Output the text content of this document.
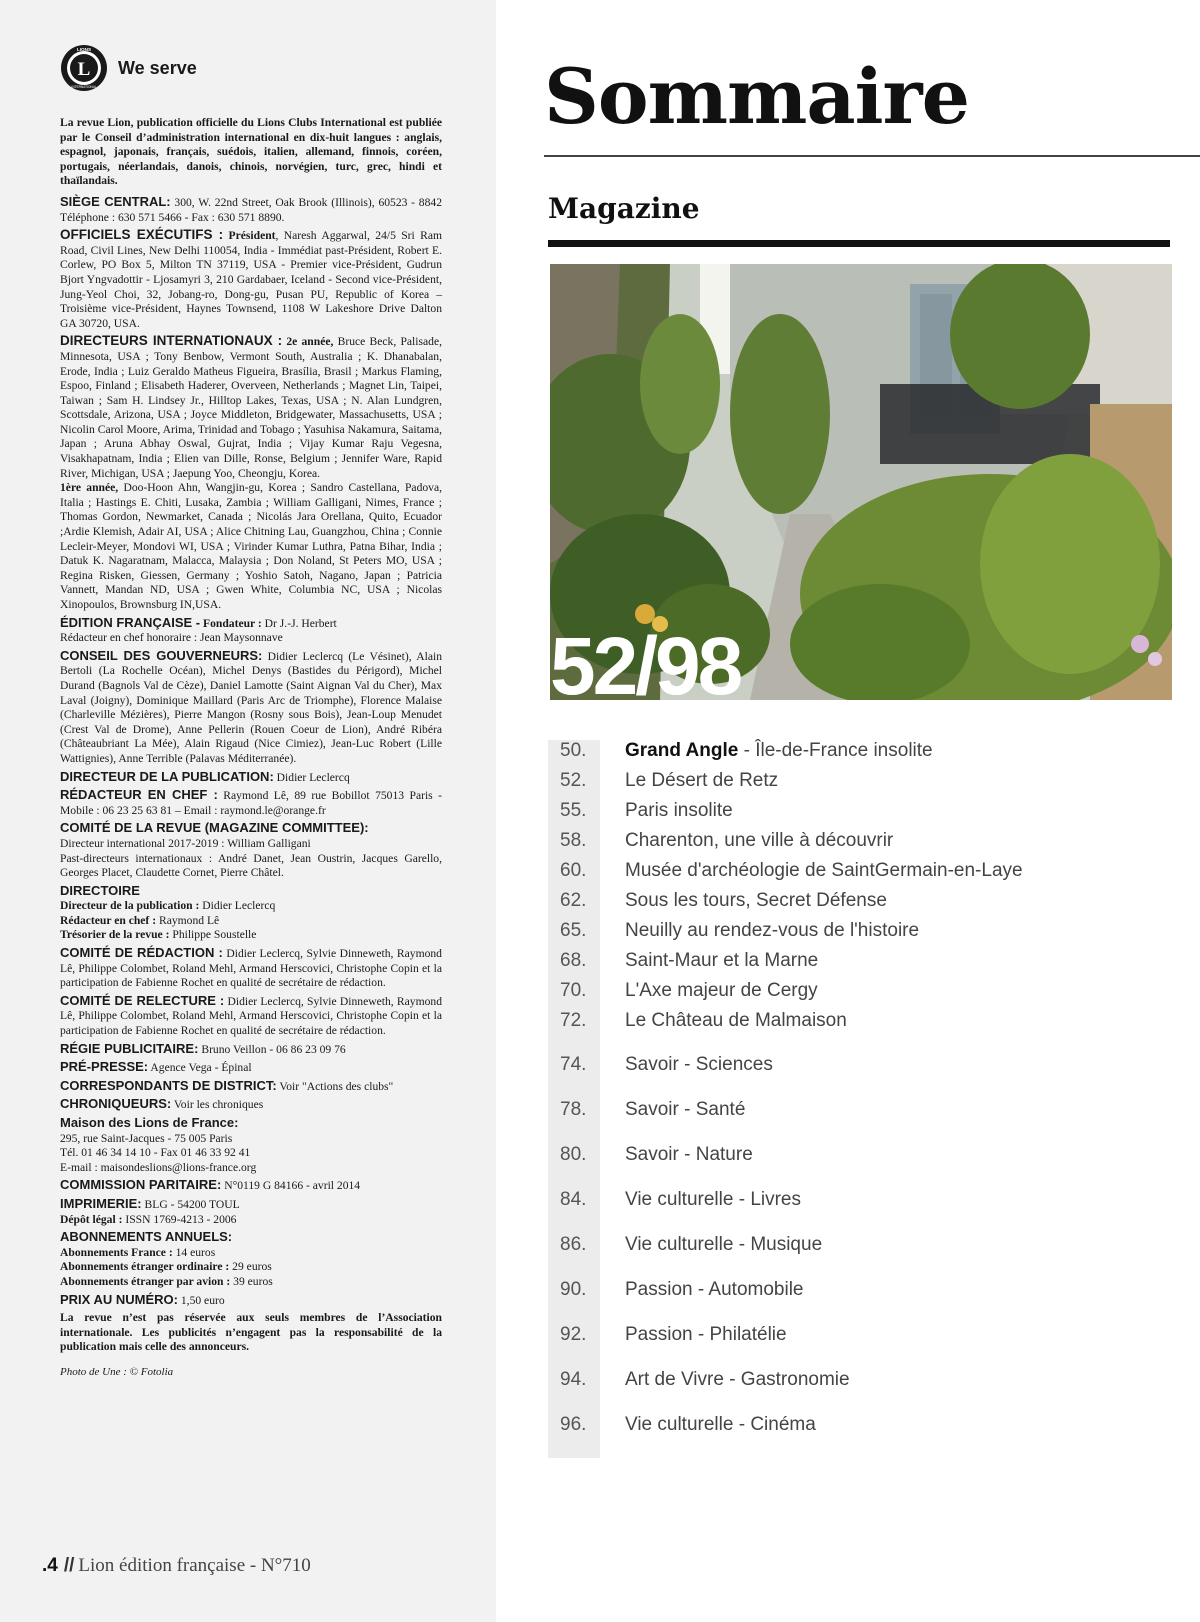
L
LIONS
INTERNATIONAL
We serve

La revue Lion, publication officielle du Lions Clubs International est publiée par le Conseil d’administration international en dix-huit langues : anglais, espagnol, japonais, français, suédois, italien, allemand, finnois, coréen, portugais, néerlandais, danois, chinois, norvégien, turc, grec, hindi et thaïlandais.

SIÈGE CENTRAL: 300, W. 22nd Street, Oak Brook (Illinois), 60523 - 8842 Téléphone : 630 571 5466 - Fax : 630 571 8890.

OFFICIELS EXÉCUTIFS : Président, Naresh Aggarwal, 24/5 Sri Ram Road, Civil Lines, New Delhi 110054, India - Immédiat past-Président, Robert E. Corlew, PO Box 5, Milton TN 37119, USA - Premier vice-Président, Gudrun Bjort Yngvadottir - Ljosamyri 3, 210 Gardabaer, Iceland - Second vice-Président, Jung-Yeol Choi, 32, Jobang-ro, Dong-gu, Pusan PU, Republic of Korea – Troisième vice-Président, Haynes Townsend, 1108 W Lakeshore Drive Dalton GA 30720, USA.

DIRECTEURS INTERNATIONAUX : 2e année, Bruce Beck, Palisade, Minnesota, USA ; Tony Benbow, Vermont South, Australia ; K. Dhanabalan, Erode, India ; Luiz Geraldo Matheus Figueira, Brasília, Brasil ; Markus Flaming, Espoo, Finland ; Elisabeth Haderer, Overveen, Netherlands ; Magnet Lin, Taipei, Taiwan ; Sam H. Lindsey Jr., Hilltop Lakes, Texas, USA ; N. Alan Lundgren, Scottsdale, Arizona, USA ; Joyce Middleton, Bridgewater, Massachusetts, USA ; Nicolin Carol Moore, Arima, Trinidad and Tobago ; Yasuhisa Nakamura, Saitama, Japan ; Aruna Abhay Oswal, Gujrat, India ; Vijay Kumar Raju Vegesna, Visakhapatnam, India ; Elien van Dille, Ronse, Belgium ; Jennifer Ware, Rapid River, Michigan, USA ; Jaepung Yoo, Cheongju, Korea.
1ère année, Doo-Hoon Ahn, Wangjin-gu, Korea ; Sandro Castellana, Padova, Italia ; Hastings E. Chiti, Lusaka, Zambia ; William Galligani, Nimes, France ; Thomas Gordon, Newmarket, Canada ; Nicolás Jara Orellana, Quito, Ecuador ;Ardie Klemish, Adair AI, USA ; Alice Chitning Lau, Guangzhou, China ; Connie Lecleir-Meyer, Mondovi WI, USA ; Virinder Kumar Luthra, Patna Bihar, India ; Datuk K. Nagaratnam, Malacca, Malaysia ; Don Noland, St Peters MO, USA ; Regina Risken, Giessen, Germany ; Yoshio Satoh, Nagano, Japan ; Patricia Vannett, Mandan ND, USA ; Gwen White, Columbia NC, USA ; Nicolas Xinopoulos, Brownsburg IN,USA.

ÉDITION FRANÇAISE - Fondateur : Dr J.-J. Herbert
Rédacteur en chef honoraire : Jean Maysonnave

CONSEIL DES GOUVERNEURS: Didier Leclercq (Le Vésinet), Alain Bertoli (La Rochelle Océan), Michel Denys (Bastides du Périgord), Michel Durand (Bagnols Val de Cèze), Daniel Lamotte (Saint Aignan Val du Cher), Max Laval (Joigny), Dominique Maillard (Paris Arc de Triomphe), Florence Malaise (Charleville Mézières), Pierre Mangon (Rosny sous Bois), Jean-Loup Menudet (Crest Val de Drome), Anne Pellerin (Rouen Coeur de Lion), André Ribéra (Châteaubriant La Mée), Alain Rigaud (Nice Cimiez), Jean-Luc Robert (Lille Wattignies), Anne Terrible (Palavas Méditerranée).

DIRECTEUR DE LA PUBLICATION: Didier Leclercq

RÉDACTEUR EN CHEF : Raymond Lê, 89 rue Bobillot 75013 Paris - Mobile : 06 23 25 63 81 – Email : raymond.le@orange.fr

COMITÉ DE LA REVUE (MAGAZINE COMMITTEE):
Directeur international 2017-2019 : William Galligani
Past-directeurs internationaux : André Danet, Jean Oustrin, Jacques Garello, Georges Placet, Claudette Cornet, Pierre Châtel.

DIRECTOIRE
Directeur de la publication : Didier Leclercq
Rédacteur en chef : Raymond Lê
Trésorier de la revue : Philippe Soustelle

COMITÉ DE RÉDACTION : Didier Leclercq, Sylvie Dinneweth, Raymond Lê, Philippe Colombet, Roland Mehl, Armand Herscovici, Christophe Copin et la participation de Fabienne Rochet en qualité de secrétaire de rédaction.

COMITÉ DE RELECTURE : Didier Leclercq, Sylvie Dinneweth, Raymond Lê, Philippe Colombet, Roland Mehl, Armand Herscovici, Christophe Copin et la participation de Fabienne Rochet en qualité de secrétaire de rédaction.

RÉGIE PUBLICITAIRE: Bruno Veillon - 06 86 23 09 76

PRÉ-PRESSE: Agence Vega - Épinal

CORRESPONDANTS DE DISTRICT: Voir "Actions des clubs"

CHRONIQUEURS: Voir les chroniques

Maison des Lions de France:
295, rue Saint-Jacques - 75 005 Paris
Tél. 01 46 34 14 10 - Fax 01 46 33 92 41
E-mail : maisondeslions@lions-france.org

COMMISSION PARITAIRE: N°0119 G 84166 - avril 2014

IMPRIMERIE: BLG - 54200 TOUL
Dépôt légal : ISSN 1769-4213 - 2006

ABONNEMENTS ANNUELS:
Abonnements France : 14 euros
Abonnements étranger ordinaire : 29 euros
Abonnements étranger par avion : 39 euros

PRIX AU NUMÉRO: 1,50 euro

La revue n’est pas réservée aux seuls membres de l’Association internationale. Les publicités n’engagent pas la responsabilité de la publication mais celle des annonceurs.

Photo de Une : © Fotolia

.4 // Lion édition française - N°710
Sommaire
Magazine
52/98
50. Grand Angle - Île-de-France insolite
52. Le Désert de Retz
55. Paris insolite
58. Charenton, une ville à découvrir
60. Musée d'archéologie de SaintGermain-en-Laye
62. Sous les tours, Secret Défense
65. Neuilly au rendez-vous de l'histoire
68. Saint-Maur et la Marne
70. L'Axe majeur de Cergy
72. Le Château de Malmaison
74. Savoir - Sciences
78. Savoir - Santé
80. Savoir - Nature
84. Vie culturelle - Livres
86. Vie culturelle - Musique
90. Passion - Automobile
92. Passion - Philatélie
94. Art de Vivre - Gastronomie
96. Vie culturelle - Cinéma
